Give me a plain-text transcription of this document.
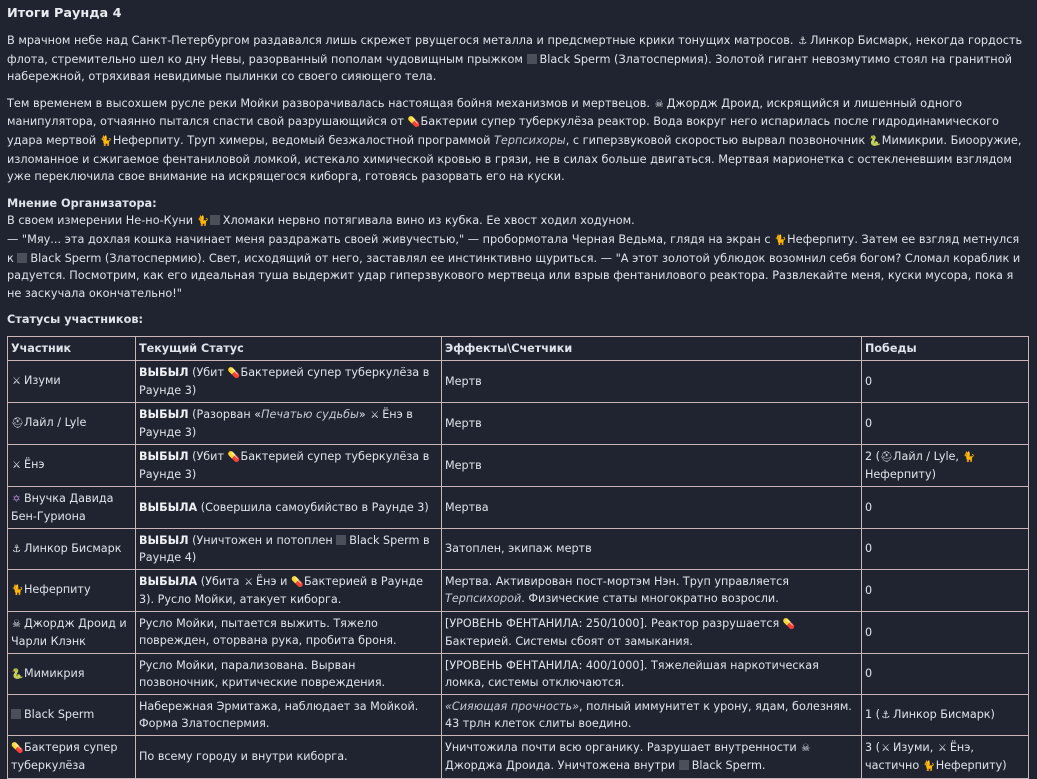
Итоги Раунда 4

В мрачном небе над Санкт-Петербургом раздавался лишь скрежет рвущегося металла и предсмертные крики тонущих матросов. ⚓ Линкор Бисмарк, некогда гордость флота, стремительно шел ко дну Невы, разорванный пополам чудовищным прыжком Black Sperm (Златоспермия). Золотой гигант невозмутимо стоял на гранитной набережной, отряхивая невидимые пылинки со своего сияющего тела.

Тем временем в высохшем русле реки Мойки разворачивалась настоящая бойня механизмов и мертвецов. ☠ Джордж Дроид, искрящийся и лишенный одного манипулятора, отчаянно пытался спасти свой разрушающийся от 💊Бактерии супер туберкулёза реактор. Вода вокруг него испарилась после гидродинамического удара мертвой 🐈Неферпиту. Труп химеры, ведомый безжалостной программой Терпсихоры, с гиперзвуковой скоростью вырвал позвоночник 🐍Мимикрии. Биооружие, изломанное и сжигаемое фентаниловой ломкой, истекало химической кровью в грязи, не в силах больше двигаться. Мертвая марионетка с остекленевшим взглядом уже переключила свое внимание на искрящегося киборга, готовясь разорвать его на куски.

Мнение Организатора:

В своем измерении Не-но-Куни 🐈 Хломаки нервно потягивала вино из кубка. Ее хвост ходил ходуном.
— "Мяу... эта дохлая кошка начинает меня раздражать своей живучестью," — пробормотала Черная Ведьма, глядя на экран с 🐈Неферпиту. Затем ее взгляд метнулся к Black Sperm (Златоспермию). Свет, исходящий от него, заставлял ее инстинктивно щуриться. — "А этот золотой ублюдок возомнил себя богом? Сломал кораблик и радуется. Посмотрим, как его идеальная туша выдержит удар гиперзвукового мертвеца или взрыв фентанилового реактора. Развлекайте меня, куски мусора, пока я не заскучала окончательно!"

Статусы участников:
Участник	Текущий Статус	Эффекты\Счетчики	Победы
⚔ Изуми	ВЫБЫЛ (Убит 💊Бактерией супер туберкулёза в Раунде 3)	Мертв	0
⛑Лайл / Lyle	ВЫБЫЛ (Разорван «Печатью судьбы» ⚔ Ёнэ в Раунде 3)	Мертв	0
⚔ Ёнэ	ВЫБЫЛ (Убит 💊Бактерией супер туберкулёза в Раунде 3)	Мертв	2 (⛑Лайл / Lyle, 🐈Неферпиту)
✡ Внучка Давида Бен-Гуриона	ВЫБЫЛА (Совершила самоубийство в Раунде 3)	Мертва	0
⚓ Линкор Бисмарк	ВЫБЫЛ (Уничтожен и потоплен Black Sperm в Раунде 4)	Затоплен, экипаж мертв	0
🐈Неферпиту	ВЫБЫЛА (Убита ⚔ Ёнэ и 💊Бактерией в Раунде 3). Русло Мойки, атакует киборга.	Мертва. Активирован пост-мортэм Нэн. Труп управляется Терпсихорой. Физические статы многократно возросли.	0
☠ Джордж Дроид и Чарли Клэнк	Русло Мойки, пытается выжить. Тяжело поврежден, оторвана рука, пробита броня.	[УРОВЕНЬ ФЕНТАНИЛА: 250/1000]. Реактор разрушается 💊Бактерией. Системы сбоят от замыкания.	0
🐍Мимикрия	Русло Мойки, парализована. Вырван позвоночник, критические повреждения.	[УРОВЕНЬ ФЕНТАНИЛА: 400/1000]. Тяжелейшая наркотическая ломка, системы отключаются.	0
Black Sperm	Набережная Эрмитажа, наблюдает за Мойкой. Форма Златоспермия.	«Сияющая прочность», полный иммунитет к урону, ядам, болезням. 43 трлн клеток слиты воедино.	1 (⚓ Линкор Бисмарк)
💊Бактерия супер туберкулёза	По всему городу и внутри киборга.	Уничтожила почти всю органику. Разрушает внутренности ☠Джорджа Дроида. Уничтожена внутри Black Sperm.	3 (⚔ Изуми, ⚔ Ёнэ, частично 🐈Неферпиту)
